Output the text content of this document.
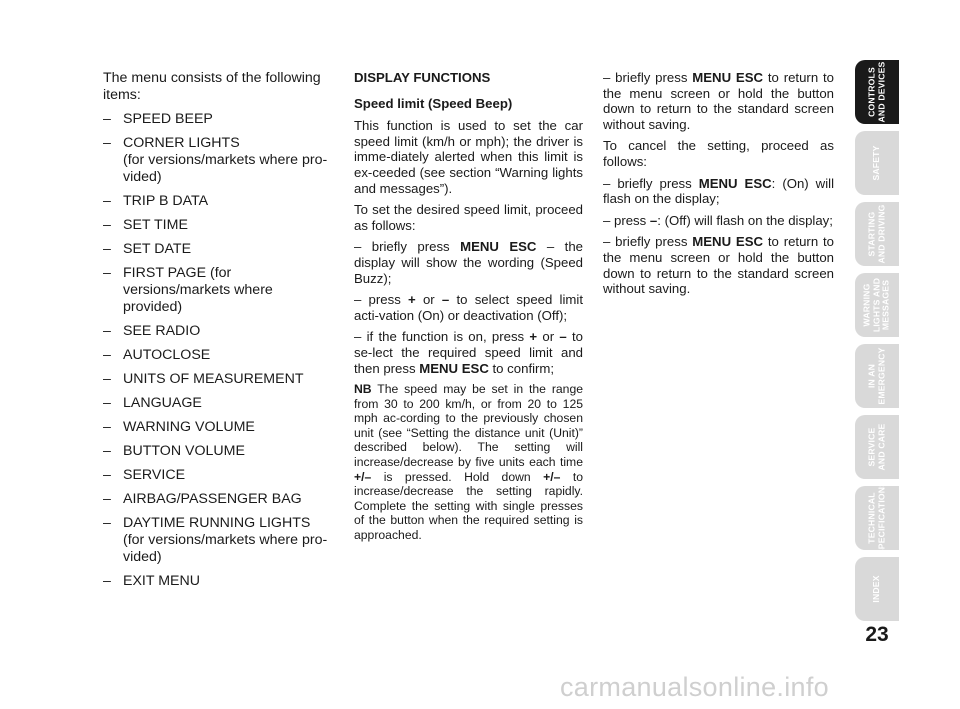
The menu consists of the following items:

– SPEED BEEP
– CORNER LIGHTS
(for versions/markets where pro-vided)
– TRIP B DATA
– SET TIME
– SET DATE
– FIRST PAGE (for versions/markets where provided)
– SEE RADIO
– AUTOCLOSE
– UNITS OF MEASUREMENT
– LANGUAGE
– WARNING VOLUME
– BUTTON VOLUME
– SERVICE
– AIRBAG/PASSENGER BAG
– DAYTIME RUNNING LIGHTS
(for versions/markets where pro-vided)
– EXIT MENU

DISPLAY FUNCTIONS

Speed limit (Speed Beep)

This function is used to set the car speed limit (km/h or mph); the driver is imme-diately alerted when this limit is ex-ceeded (see section “Warning lights and messages”).

To set the desired speed limit, proceed as follows:

– briefly press MENU ESC – the display will show the wording (Speed Buzz);

– press + or – to select speed limit acti-vation (On) or deactivation (Off);

– if the function is on, press + or – to se-lect the required speed limit and then press MENU ESC to confirm;

NB The speed may be set in the range from 30 to 200 km/h, or from 20 to 125 mph ac-cording to the previously chosen unit (see “Setting the distance unit (Unit)” described below). The setting will increase/decrease by five units each time +/– is pressed. Hold down +/– to increase/decrease the setting rapidly. Complete the setting with single presses of the button when the required setting is approached.

– briefly press MENU ESC to return to the menu screen or hold the button down to return to the standard screen without saving.

To cancel the setting, proceed as follows:

– briefly press MENU ESC: (On) will flash on the display;

– press –: (Off) will flash on the display;

– briefly press MENU ESC to return to the menu screen or hold the button down to return to the standard screen without saving.

CONTROLS
AND DEVICES
SAFETY
STARTING
AND DRIVING
WARNING
LIGHTS AND
MESSAGES
IN AN
EMERGENCY
SERVICE
AND CARE
TECHNICAL
SPECIFICATIONS
INDEX
23
carmanualsonline.info
